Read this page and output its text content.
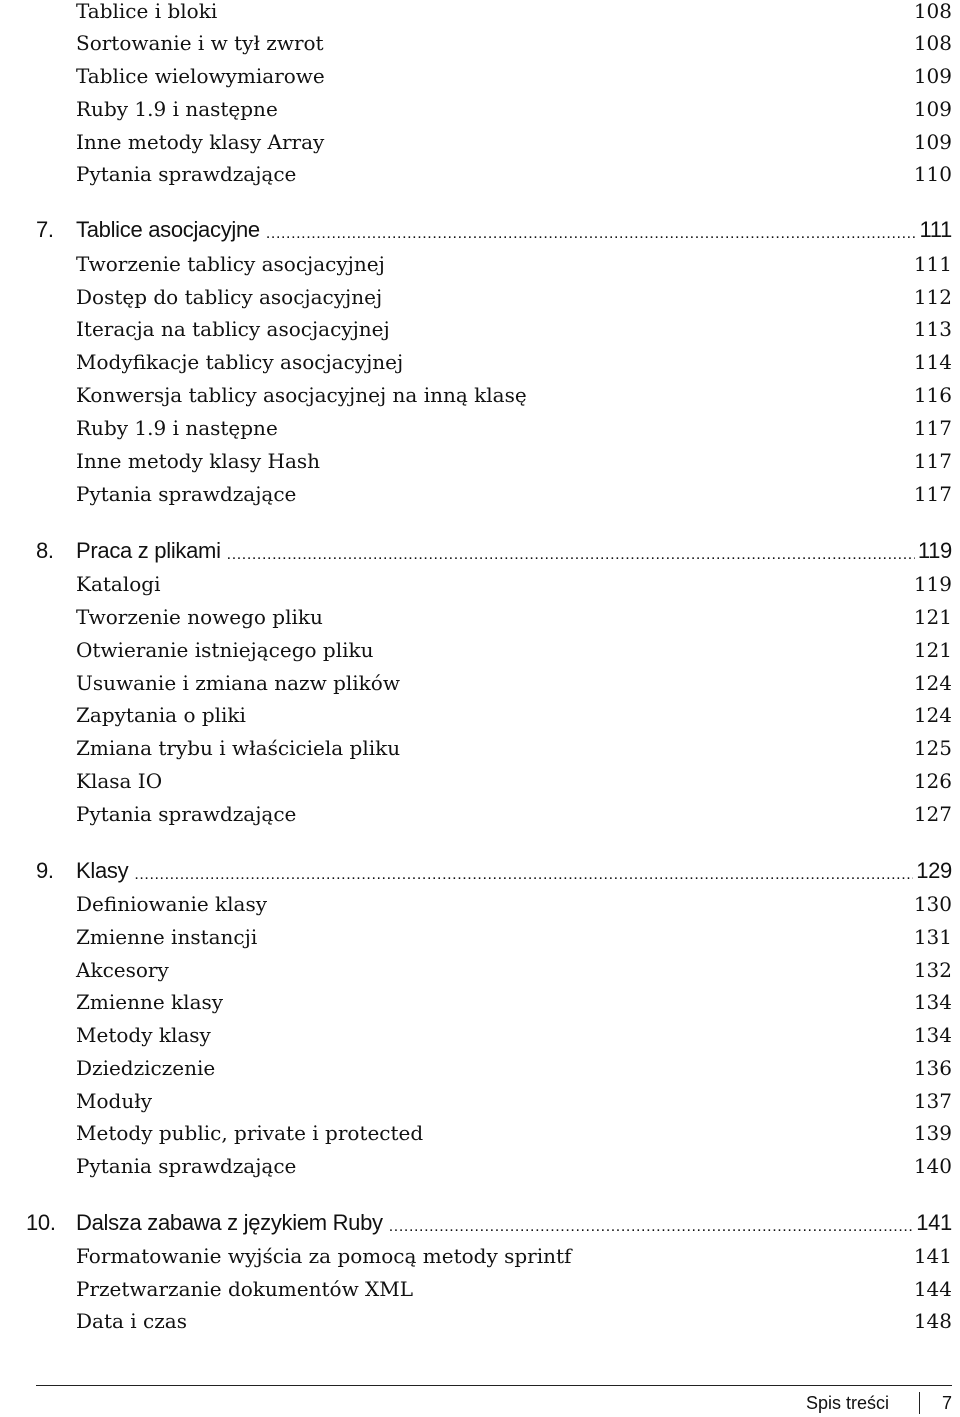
Tablice i bloki	108
Sortowanie i w tył zwrot	108
Tablice wielowymiarowe	109
Ruby 1.9 i następne	109
Inne metody klasy Array	109
Pytania sprawdzające	110
7.	Tablice asocjacyjne .....	111
Tworzenie tablicy asocjacyjnej	111
Dostęp do tablicy asocjacyjnej	112
Iteracja na tablicy asocjacyjnej	113
Modyfikacje tablicy asocjacyjnej	114
Konwersja tablicy asocjacyjnej na inną klasę	116
Ruby 1.9 i następne	117
Inne metody klasy Hash	117
Pytania sprawdzające	117
8.	Praca z plikami .....	119
Katalogi	119
Tworzenie nowego pliku	121
Otwieranie istniejącego pliku	121
Usuwanie i zmiana nazw plików	124
Zapytania o pliki	124
Zmiana trybu i właściciela pliku	125
Klasa IO	126
Pytania sprawdzające	127
9.	Klasy .....	129
Definiowanie klasy	130
Zmienne instancji	131
Akcesory	132
Zmienne klasy	134
Metody klasy	134
Dziedziczenie	136
Moduły	137
Metody public, private i protected	139
Pytania sprawdzające	140
10. Dalsza zabawa z językiem Ruby .....	141
Formatowanie wyjścia za pomocą metody sprintf	141
Przetwarzanie dokumentów XML	144
Data i czas	148
Spis treści	7
